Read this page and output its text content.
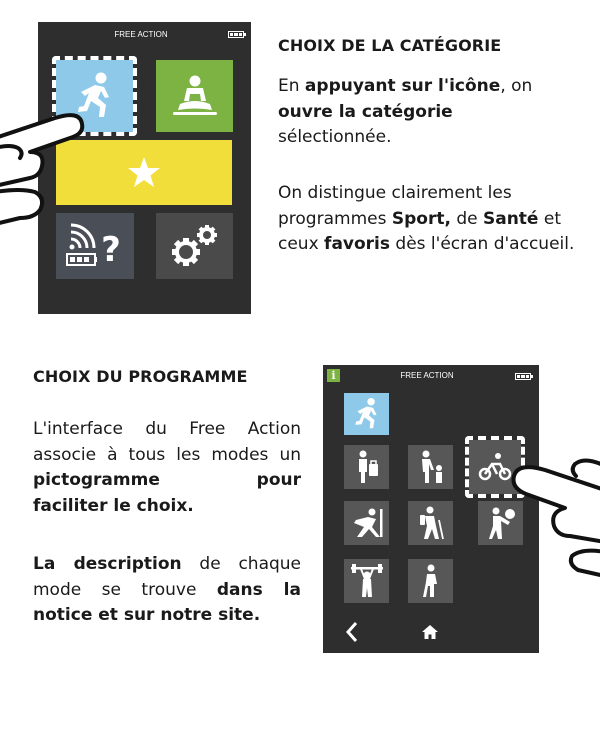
FREE ACTION
?
CHOIX DE LA CATÉGORIE

En appuyant sur l'icône, on
ouvre la catégorie
sélectionnée.

On distingue clairement les programmes Sport, de Santé et ceux favoris dès l'écran d'accueil.

CHOIX DU PROGRAMME
L'interface du Free Action
associe à tous les modes un
pictogramme pour
faciliter le choix.
La description de chaque
mode se trouve dans la
notice et sur notre site.
i	FREE ACTION
